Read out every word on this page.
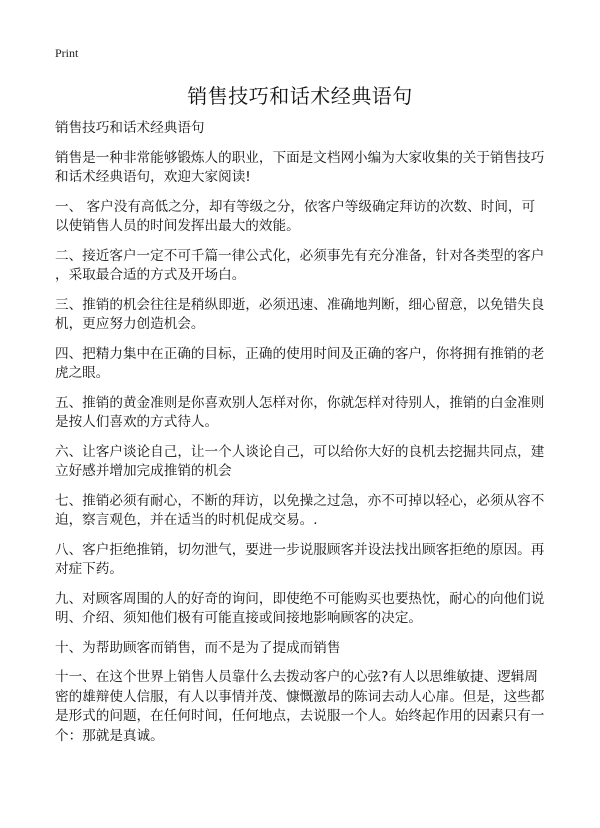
Print
销售技巧和话术经典语句

销售技巧和话术经典语句

销售是一种非常能够锻炼人的职业，下面是文档网小编为大家收集的关于销售技巧
和话术经典语句，欢迎大家阅读!

一、 客户没有高低之分，却有等级之分，依客户等级确定拜访的次数、时间，可
以使销售人员的时间发挥出最大的效能。

二、接近客户一定不可千篇一律公式化，必须事先有充分准备，针对各类型的客户
，采取最合适的方式及开场白。

三、推销的机会往往是稍纵即逝，必须迅速、准确地判断，细心留意，以免错失良
机，更应努力创造机会。

四、把精力集中在正确的目标，正确的使用时间及正确的客户，你将拥有推销的老
虎之眼。

五、推销的黄金准则是你喜欢别人怎样对你，你就怎样对待别人，推销的白金准则
是按人们喜欢的方式待人。

六、让客户谈论自己，让一个人谈论自己，可以给你大好的良机去挖掘共同点，建
立好感并增加完成推销的机会

七、推销必须有耐心，不断的拜访，以免操之过急，亦不可掉以轻心，必须从容不
迫，察言观色，并在适当的时机促成交易。.

八、客户拒绝推销，切勿泄气，要进一步说服顾客并设法找出顾客拒绝的原因。再
对症下药。

九、对顾客周围的人的好奇的询问，即使绝不可能购买也要热忱，耐心的向他们说
明、介绍、须知他们极有可能直接或间接地影响顾客的决定。

十、为帮助顾客而销售，而不是为了提成而销售

十一、在这个世界上销售人员靠什么去拨动客户的心弦?有人以思维敏捷、逻辑周
密的雄辩使人信服，有人以事情并茂、慷慨激昂的陈词去动人心扉。但是，这些都
是形式的问题，在任何时间，任何地点，去说服一个人。始终起作用的因素只有一
个：那就是真诚。
